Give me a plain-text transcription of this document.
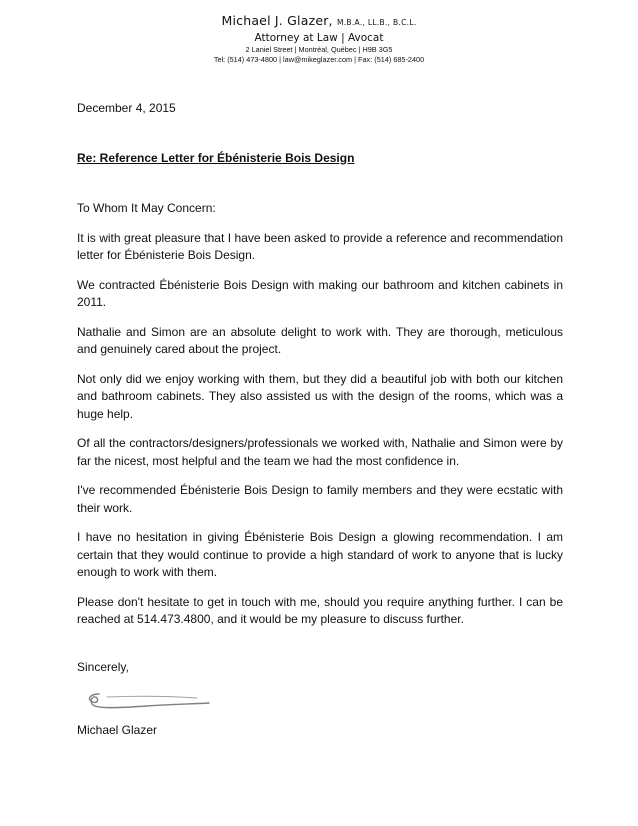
Michael J. Glazer, M.B.A., LL.B., B.C.L.
Attorney at Law | Avocat
2 Laniel Street | Montréal, Québec | H9B 3G5
Tel: (514) 473-4800 | law@mikeglazer.com | Fax: (514) 685-2400

December 4, 2015

Re: Reference Letter for Ébénisterie Bois Design

To Whom It May Concern:

It is with great pleasure that I have been asked to provide a reference and recommendation letter for Ébénisterie Bois Design.

We contracted Ébénisterie Bois Design with making our bathroom and kitchen cabinets in 2011.

Nathalie and Simon are an absolute delight to work with. They are thorough, meticulous and genuinely cared about the project.

Not only did we enjoy working with them, but they did a beautiful job with both our kitchen and bathroom cabinets. They also assisted us with the design of the rooms, which was a huge help.

Of all the contractors/designers/professionals we worked with, Nathalie and Simon were by far the nicest, most helpful and the team we had the most confidence in.

I've recommended Ébénisterie Bois Design to family members and they were ecstatic with their work.

I have no hesitation in giving Ébénisterie Bois Design a glowing recommendation. I am certain that they would continue to provide a high standard of work to anyone that is lucky enough to work with them.

Please don't hesitate to get in touch with me, should you require anything further. I can be reached at 514.473.4800, and it would be my pleasure to discuss further.

Sincerely,

Michael Glazer
